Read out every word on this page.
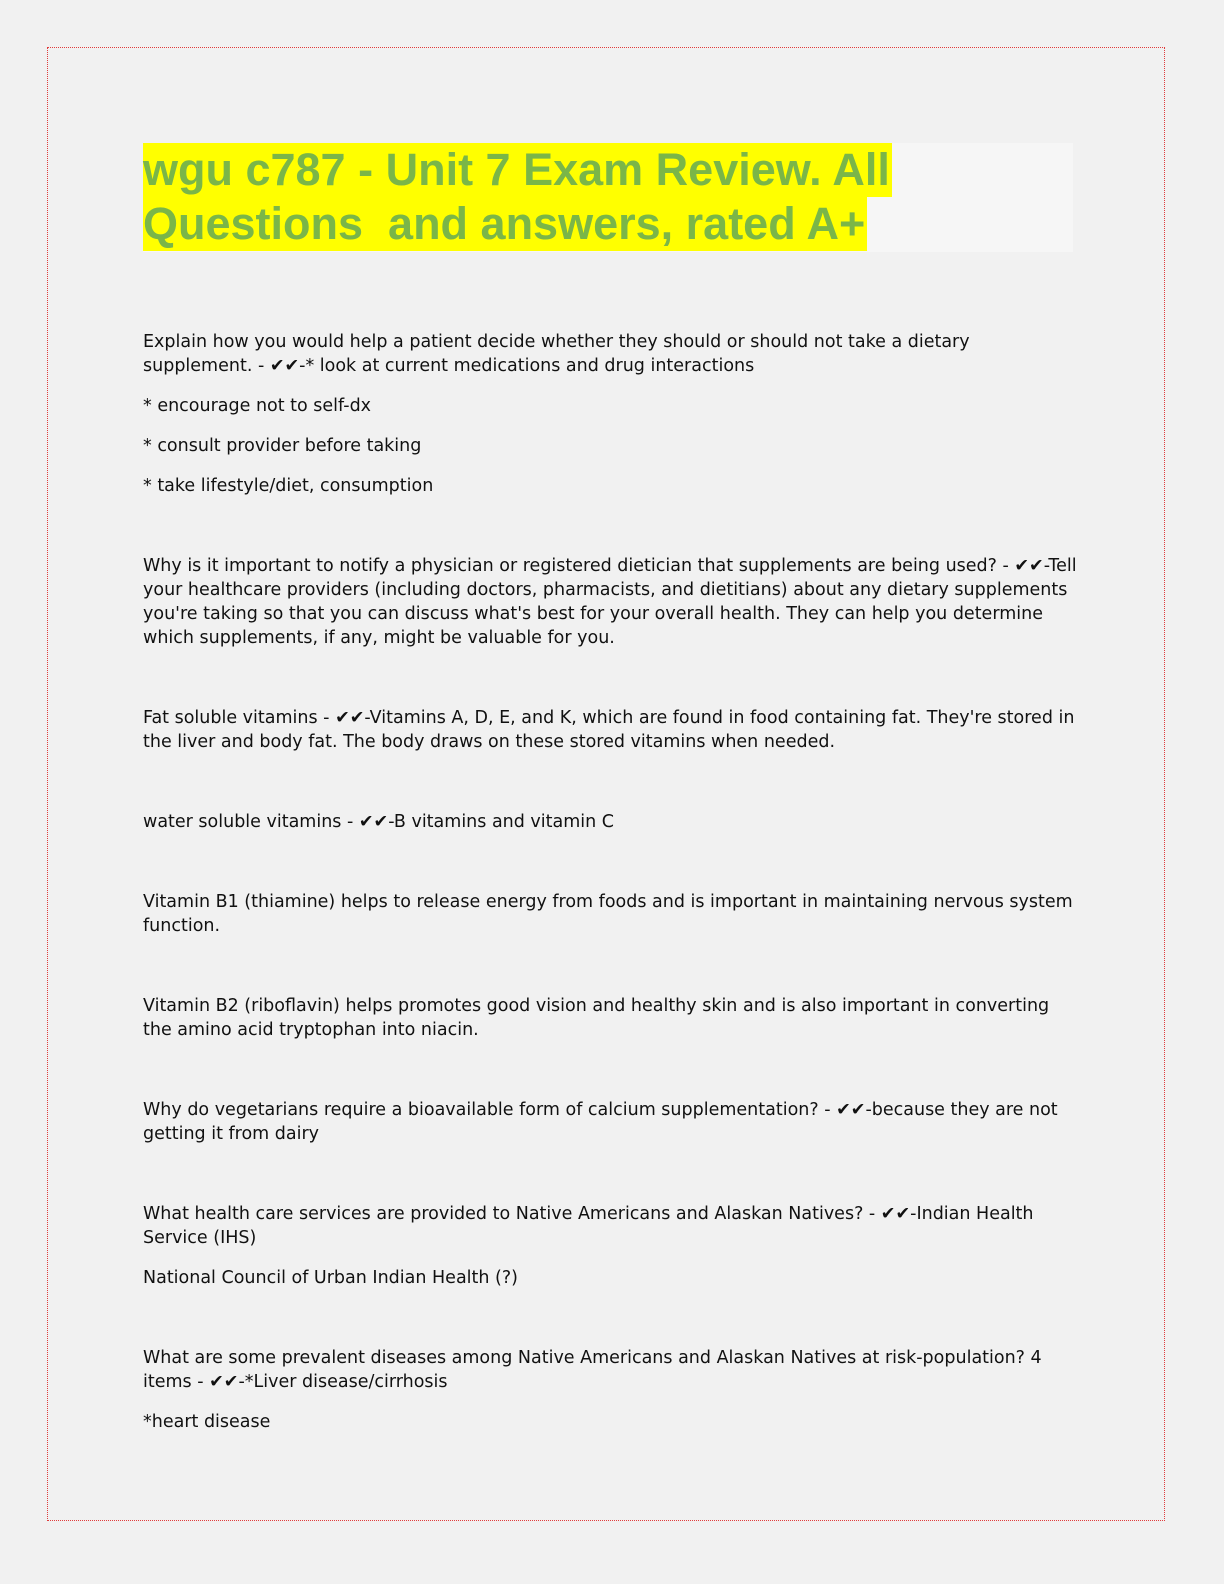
wgu c787 - Unit 7 Exam Review. All
Questions  and answers, rated A+

Explain how you would help a patient decide whether they should or should not take a dietary supplement. - ✔✔-* look at current medications and drug interactions

* encourage not to self-dx

* consult provider before taking

* take lifestyle/diet, consumption

Why is it important to notify a physician or registered dietician that supplements are being used? - ✔✔-Tell your healthcare providers (including doctors, pharmacists, and dietitians) about any dietary supplements you're taking so that you can discuss what's best for your overall health. They can help you determine which supplements, if any, might be valuable for you.

Fat soluble vitamins - ✔✔-Vitamins A, D, E, and K, which are found in food containing fat. They're stored in the liver and body fat. The body draws on these stored vitamins when needed.

water soluble vitamins - ✔✔-B vitamins and vitamin C

Vitamin B1 (thiamine) helps to release energy from foods and is important in maintaining nervous system function.

Vitamin B2 (riboflavin) helps promotes good vision and healthy skin and is also important in converting the amino acid tryptophan into niacin.

Why do vegetarians require a bioavailable form of calcium supplementation? - ✔✔-because they are not getting it from dairy

What health care services are provided to Native Americans and Alaskan Natives? - ✔✔-Indian Health Service (IHS)

National Council of Urban Indian Health (?)

What are some prevalent diseases among Native Americans and Alaskan Natives at risk-population? 4 items - ✔✔-*Liver disease/cirrhosis

*heart disease
